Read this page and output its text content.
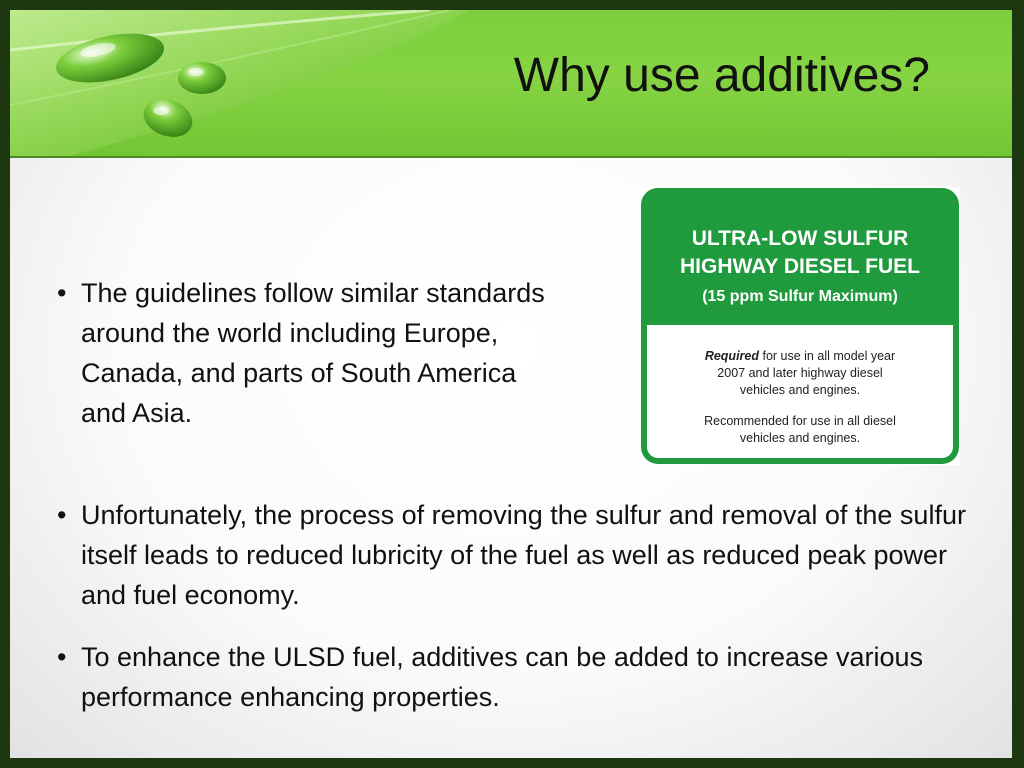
Why use additives?
ULTRA-LOW SULFUR
HIGHWAY DIESEL FUEL
(15 ppm Sulfur Maximum)
Required for use in all model year
2007 and later highway diesel
vehicles and engines.
Recommended for use in all diesel
vehicles and engines.
• The guidelines follow similar standards around the world including Europe, Canada, and parts of South America and Asia.
• Unfortunately, the process of removing the sulfur and removal of the sulfur itself leads to reduced lubricity of the fuel as well as reduced peak power and fuel economy.
• To enhance the ULSD fuel, additives can be added to increase various performance enhancing properties.
